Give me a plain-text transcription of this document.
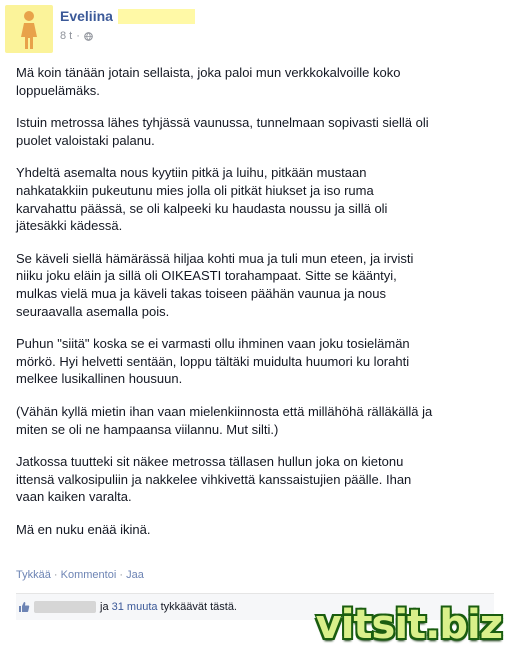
Eveliina
8 t ·

Mä koin tänään jotain sellaista, joka paloi mun verkkokalvoille koko
loppuelämäks.

Istuin metrossa lähes tyhjässä vaunussa, tunnelmaan sopivasti siellä oli
puolet valoistaki palanu.

Yhdeltä asemalta nous kyytiin pitkä ja luihu, pitkään mustaan
nahkatakkiin pukeutunu mies jolla oli pitkät hiukset ja iso ruma
karvahattu päässä, se oli kalpeeki ku haudasta noussu ja sillä oli
jätesäkki kädessä.

Se käveli siellä hämärässä hiljaa kohti mua ja tuli mun eteen, ja irvisti
niiku joku eläin ja sillä oli OIKEASTI torahampaat. Sitte se kääntyi,
mulkas vielä mua ja käveli takas toiseen päähän vaunua ja nous
seuraavalla asemalla pois.

Puhun "siitä" koska se ei varmasti ollu ihminen vaan joku tosielämän
mörkö. Hyi helvetti sentään, loppu tältäki muidulta huumori ku lorahti
melkee lusikallinen housuun.

(Vähän kyllä mietin ihan vaan mielenkiinnosta että millähöhä rälläkällä ja
miten se oli ne hampaansa viilannu. Mut silti.)

Jatkossa tuutteki sit näkee metrossa tällasen hullun joka on kietonu
ittensä valkosipuliin ja nakkelee vihkivettä kanssaistujien päälle. Ihan
vaan kaiken varalta.

Mä en nuku enää ikinä.

Tykkää · Kommentoi · Jaa
ja
31 muuta
tykkäävät tästä. vitsit.biz
